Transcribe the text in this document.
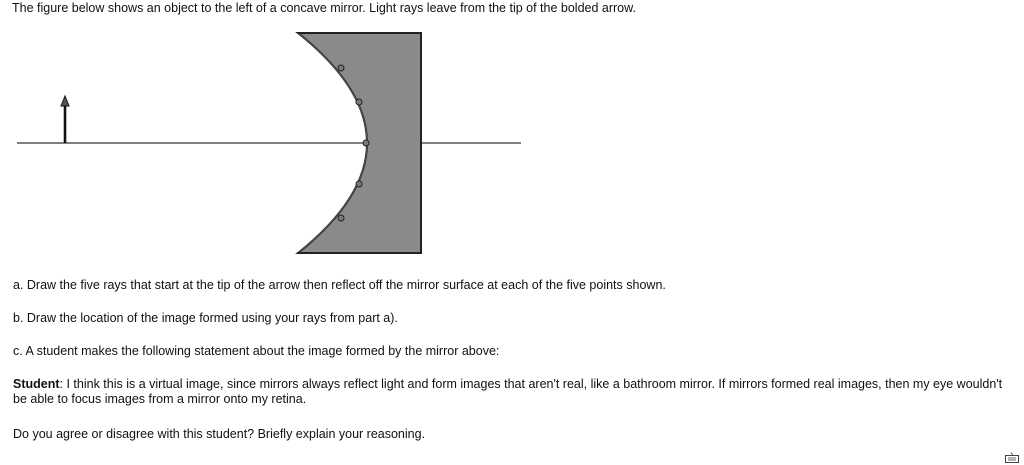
The figure below shows an object to the left of a concave mirror. Light rays leave from the tip of the bolded arrow.

a. Draw the five rays that start at the tip of the arrow then reflect off the mirror surface at each of the five points shown.

b. Draw the location of the image formed using your rays from part a).

c. A student makes the following statement about the image formed by the mirror above:

Student: I think this is a virtual image, since mirrors always reflect light and form images that aren't real, like a bathroom mirror. If mirrors formed real images, then my eye wouldn't be able to focus images from a mirror onto my retina.

Do you agree or disagree with this student? Briefly explain your reasoning.
